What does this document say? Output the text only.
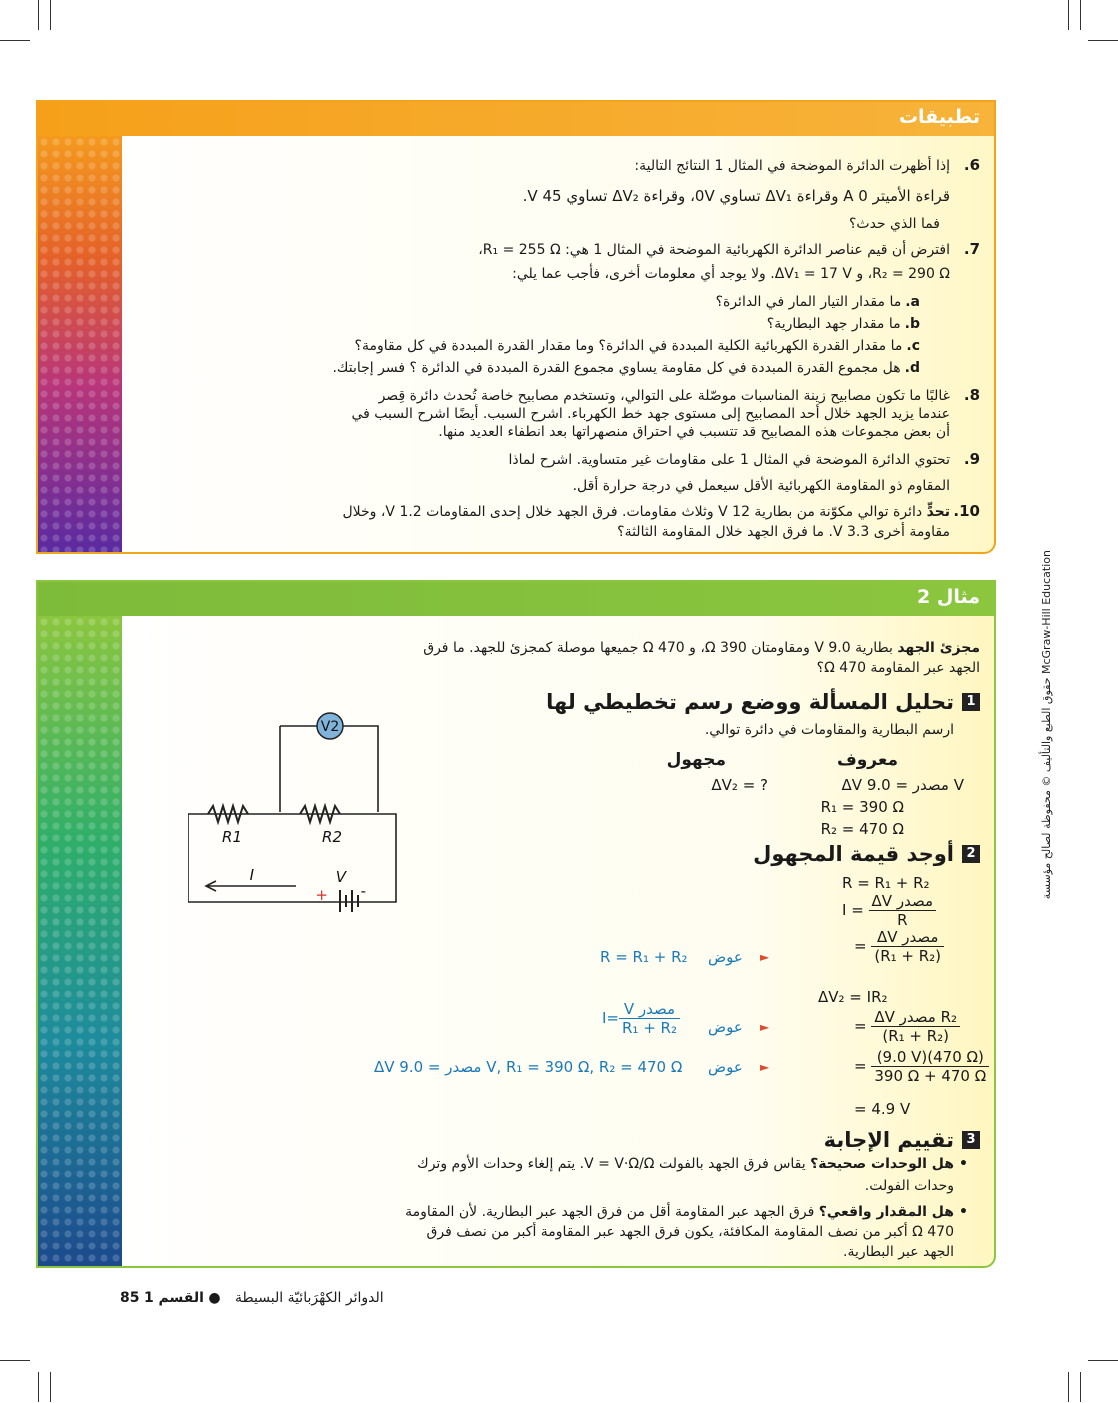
تطبيقات
6.
إذا أظهرت الدائرة الموضحة في المثال 1 النتائج التالية:
قراءة الأميتر 0 A وقراءة ΔV₁ تساوي 0V، وقراءة ΔV₂ تساوي 45 V.
فما الذي حدث؟
7.
افترض أن قيم عناصر الدائرة الكهربائية الموضحة في المثال 1 هي: R₁ = 255 Ω،
R₂ = 290 Ω، و ΔV₁ = 17 V. ولا يوجد أي معلومات أخرى، فأجب عما يلي:
a.ما مقدار التيار المار في الدائرة؟
b.ما مقدار جهد البطارية؟
c.ما مقدار القدرة الكهربائية الكلية المبددة في الدائرة؟ وما مقدار القدرة المبددة في كل مقاومة؟
d.هل مجموع القدرة المبددة في كل مقاومة يساوي مجموع القدرة المبددة في الدائرة ؟ فسر إجابتك.
8.
غالبًا ما تكون مصابيح زينة المناسبات موصّلة على التوالي، وتستخدم مصابيح خاصة تُحدث دائرة قِصر
عندما يزيد الجهد خلال أحد المصابيح إلى مستوى جهد خط الكهرباء. اشرح السبب. أيضًا اشرح السبب في
أن بعض مجموعات هذه المصابيح قد تتسبب في احتراق منصهراتها بعد انطفاء العديد منها.
9.
تحتوي الدائرة الموضحة في المثال 1 على مقاومات غير متساوية. اشرح لماذا
المقاوم ذو المقاومة الكهربائية الأقل سيعمل في درجة حرارة أقل.
10.
تحدٍّ دائرة توالي مكوّنة من بطارية 12 V وثلاث مقاومات. فرق الجهد خلال إحدى المقاومات 1.2 V، وخلال
مقاومة أخرى 3.3 V. ما فرق الجهد خلال المقاومة الثالثة؟
مثال 2
مجزئ الجهد بطارية 9.0 V ومقاومتان Ω 390، و Ω 470 جميعها موصلة كمجزئ للجهد. ما فرق
الجهد عبر المقاومة Ω 470؟
1
تحليل المسألة ووضع رسم تخطيطي لها
ارسم البطارية والمقاومات في دائرة توالي.
معروف
مجهول
ΔV مصدر = 9.0 V
R₁ = 390 Ω
R₂ = 470 Ω
ΔV₂ = ?
V2
R1	R2
I	V
+ -
2
أوجد قيمة المجهول
R = R₁ + R₂
$I = \frac{\text{ΔV مصدر}}{R}$
= $\frac{\text{ΔV مصدر}}{\text{(R₁ + R₂)}}$
►
عوض
R = R₁ + R₂
ΔV₂ = IR₂
= $\frac{\text{ΔV مصدر R₂}}{\text{(R₁ + R₂)}}$
►
عوض
$I= \frac{\text{V مصدر}}{\text{R₁ + R₂}}$
= $\frac{(9.0 V)(470 \Omega)}{390 \Omega + 470 \Omega}$
►
عوض
ΔV مصدر = 9.0 V, R₁ = 390 Ω, R₂ = 470 Ω
= 4.9 V
3
تقييم الإجابة
• هل الوحدات صحيحة؟ يقاس فرق الجهد بالفولت V = V·Ω/Ω. يتم إلغاء وحدات الأوم وترك
وحدات الفولت.
• هل المقدار واقعي؟ فرق الجهد عبر المقاومة أقل من فرق الجهد عبر البطارية. لأن المقاومة
470 Ω أكبر من نصف المقاومة المكافئة، يكون فرق الجهد عبر المقاومة أكبر من نصف فرق
الجهد عبر البطارية.
McGraw-Hill Education حقوق الطبع والتأليف © محفوظة لصالح مؤسسة
85	الدوائر الكهْرَبائيّة البسيطة ● القسم 1
